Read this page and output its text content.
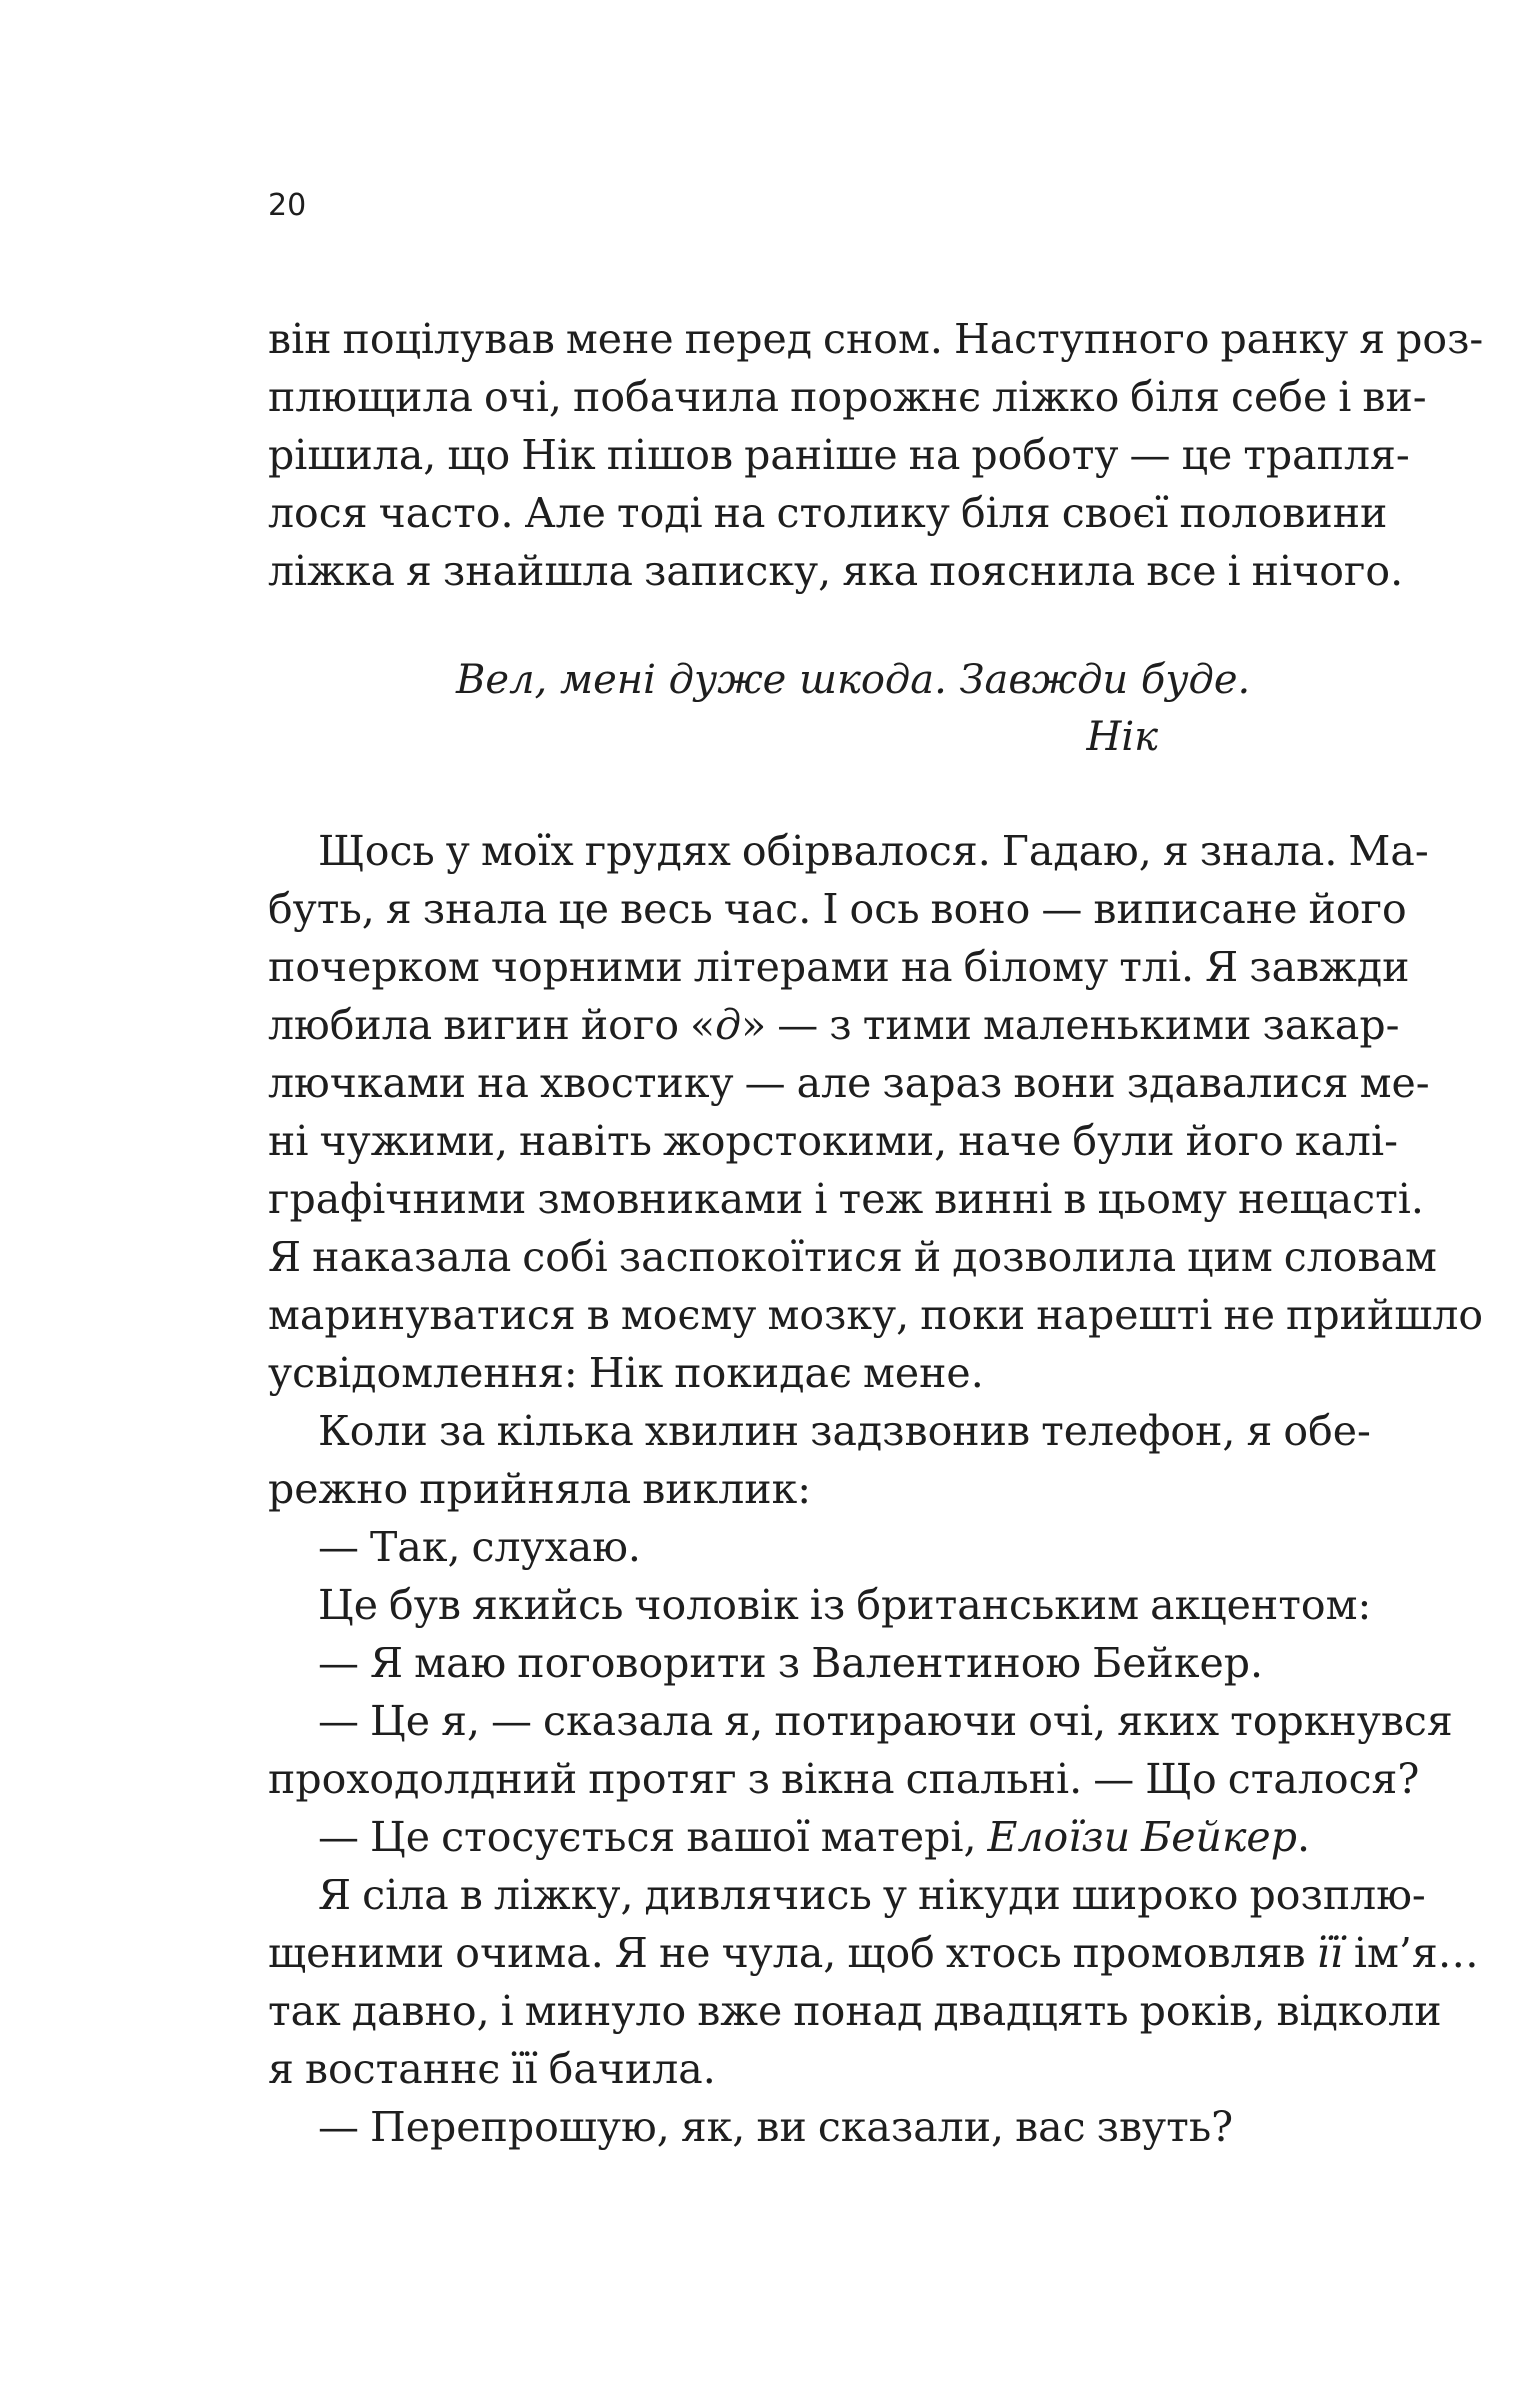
20
він поцілував мене перед сном. Наступного ранку я роз-
плющила очі, побачила порожнє ліжко біля себе і ви-
рішила, що Нік пішов раніше на роботу — це трапля-
лося часто. Але тоді на столику біля своєї половини
ліжка я знайшла записку, яка пояснила все і нічого.
Вел, мені дуже шкода. Завжди буде.
Нік
Щось у моїх грудях обірвалося. Гадаю, я знала. Ма-
буть, я знала це весь час. І ось воно — виписане його
почерком чорними літерами на білому тлі. Я завжди
любила вигин його «д» — з тими маленькими закар-
лючками на хвостику — але зараз вони здавалися ме-
ні чужими, навіть жорстокими, наче були його калі-
графічними змовниками і теж винні в цьому нещасті.
Я наказала собі заспокоїтися й дозволила цим словам
маринуватися в моєму мозку, поки нарешті не прийшло
усвідомлення: Нік покидає мене.
Коли за кілька хвилин задзвонив телефон, я обе-
режно прийняла виклик:
— Так, слухаю.
Це був якийсь чоловік із британським акцентом:
— Я маю поговорити з Валентиною Бейкер.
— Це я, — сказала я, потираючи очі, яких торкнувся
проходолдний протяг з вікна спальні. — Що сталося?
— Це стосується вашої матері, Елоїзи Бейкер.
Я сіла в ліжку, дивлячись у нікуди широко розплю-
щеними очима. Я не чула, щоб хтось промовляв її ім’я…
так давно, і минуло вже понад двадцять років, відколи
я востаннє її бачила.
— Перепрошую, як, ви сказали, вас звуть?
